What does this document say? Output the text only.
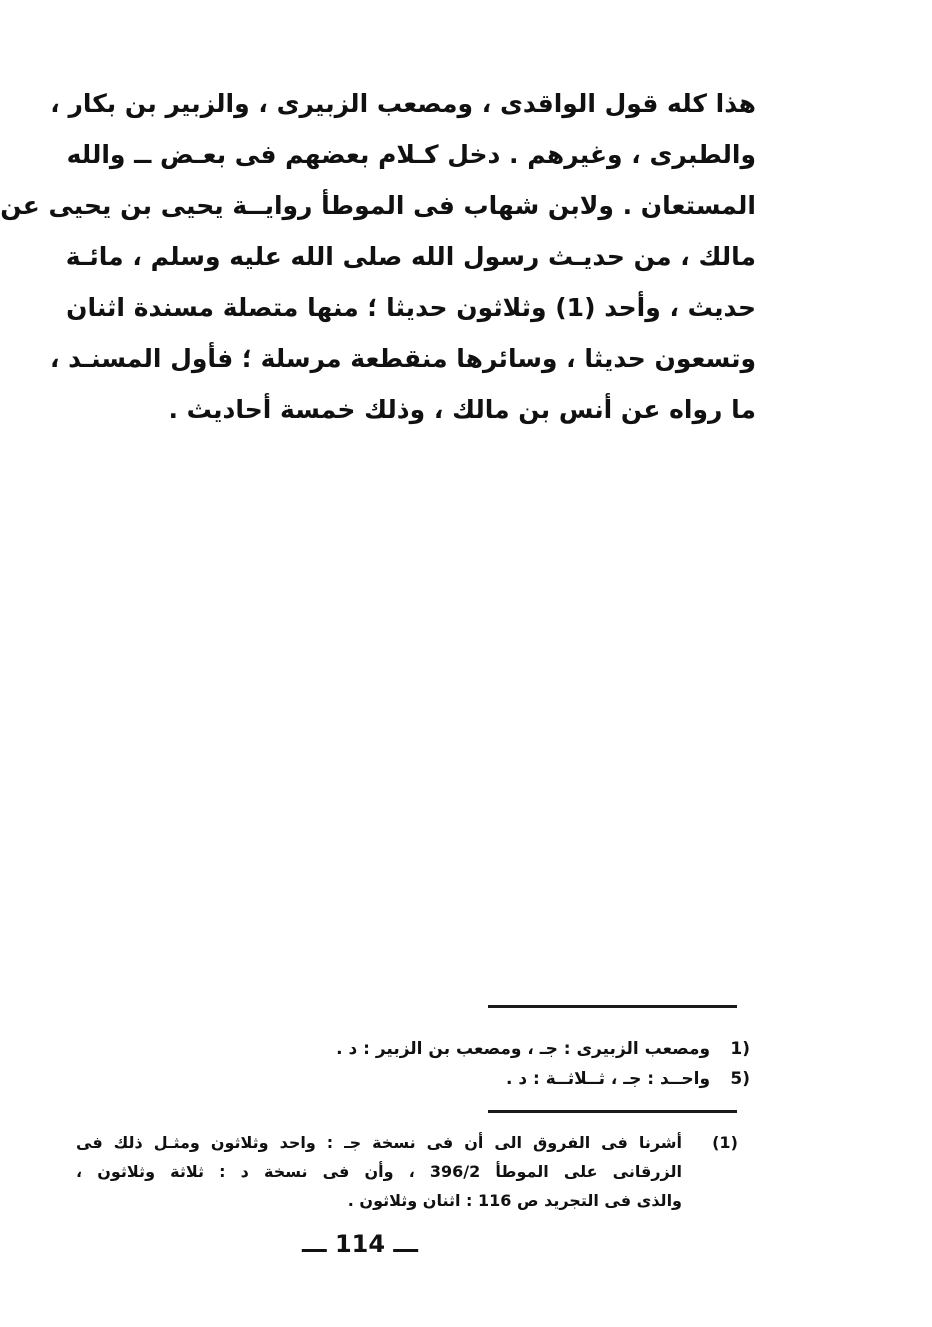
هذا كله قول الواقدى ، ومصعب الزبيرى ، والزبير بن بكار ،
والطبرى ، وغيرهم . دخل كـلام بعضهم فى بعـض ــ والله
المستعان . ولابن شهاب فى الموطأ روايــة يحيى بن يحيى عن
مالك ، من حديـث رسول الله صلى الله عليه وسلم ، مائـة
حديث ، وأحد (1) وثلاثون حديثا ؛ منها متصلة مسندة اثنان
وتسعون حديثا ، وسائرها منقطعة مرسلة ؛ فأول المسنـد ،
ما رواه عن أنس بن مالك ، وذلك خمسة أحاديث .
(1 ومصعب الزبيرى : جـ ، ومصعب بن الزبير : د .
(5 واحــد : جـ ، ثــلاثــة : د .
(1)
أشرنا فى الفروق الى أن فى نسخة جـ : واحد وثلاثون ومثـل ذلك فى
الزرقانى على الموطأ 396/2 ، وأن فى نسخة د : ثلاثة وثلاثون ،
والذى فى التجريد ص 116 : اثنان وثلاثون .
ـــ 114 ـــ
